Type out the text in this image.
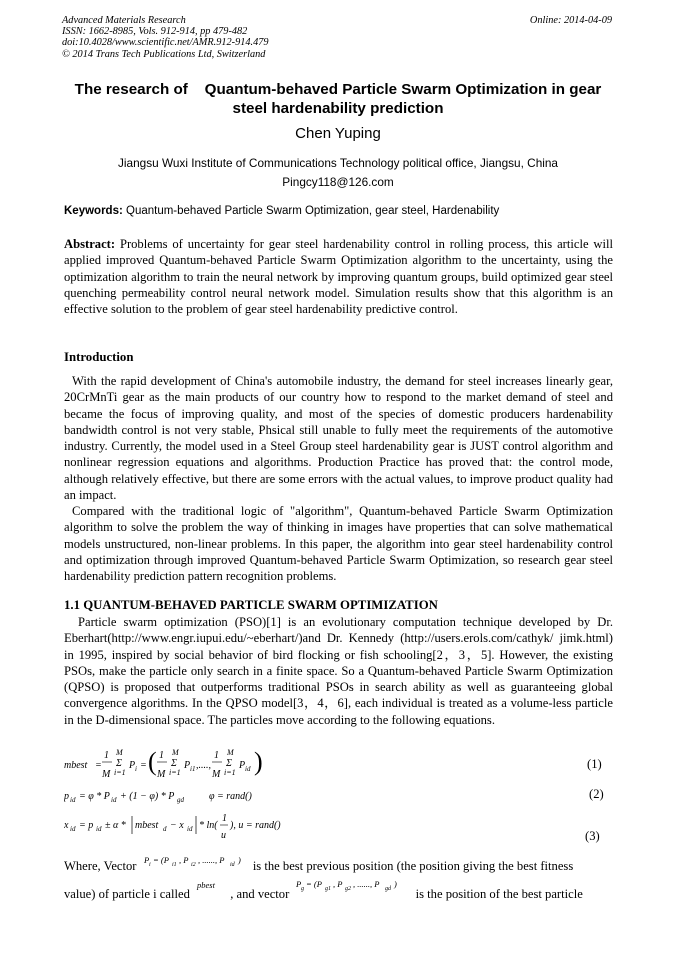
Advanced Materials Research
ISSN: 1662-8985, Vols. 912-914, pp 479-482
doi:10.4028/www.scientific.net/AMR.912-914.479
© 2014 Trans Tech Publications Ltd, Switzerland
Online: 2014-04-09
The research of    Quantum-behaved Particle Swarm Optimization in gear
steel hardenability prediction
Chen Yuping
Jiangsu Wuxi Institute of Communications Technology political office, Jiangsu, China
Pingcy118@126.com
Keywords: Quantum-behaved Particle Swarm Optimization, gear steel, Hardenability
Abstract: Problems of uncertainty for gear steel hardenability control in rolling process, this article will applied improved Quantum-behaved Particle Swarm Optimization algorithm to the uncertainty, using the optimization algorithm to train the neural network by improving quantum groups, build optimized gear steel quenching permeability control neural network model. Simulation results show that this algorithm is an effective solution to the problem of gear steel hardenability predictive control.
Introduction
With the rapid development of China's automobile industry, the demand for steel increases linearly gear, 20CrMnTi gear as the main products of our country how to respond to the market demand of steel and became the focus of improving quality, and most of the species of domestic producers hardenability bandwidth control is not very stable, Phsical still unable to fully meet the requirements of the automotive industry. Currently, the model used in a Steel Group steel hardenability gear is JUST control algorithm and nonlinear regression equations and algorithms. Production Practice has proved that: the control mode, although relatively effective, but there are some errors with the actual values, to improve product quality had an impact.
Compared with the traditional logic of "algorithm", Quantum-behaved Particle Swarm Optimization algorithm to solve the problem the way of thinking in images have properties that can solve mathematical models unstructured, non-linear problems. In this paper, the algorithm into gear steel hardenability control and optimization through improved Quantum-behaved Particle Swarm Optimization, so research gear steel hardenability prediction pattern recognition problems.
1.1 QUANTUM-BEHAVED PARTICLE SWARM OPTIMIZATION
Particle swarm optimization (PSO)[1] is an evolutionary computation technique developed by Dr. Eberhart(http://www.engr.iupui.edu/~eberhart/)and Dr. Kennedy (http://users.erols.com/cathyk/ jimk.html) in 1995, inspired by social behavior of bird flocking or fish schooling[2，3，5]. However, the existing PSOs, make the particle only search in a finite space. So a Quantum-behaved Particle Swarm Optimization (QPSO) is proposed that outperforms traditional PSOs in search ability as well as guaranteeing global convergence algorithms. In the QPSO model[3，4，6], each individual is treated as a volume-less particle in the D-dimensional space. The particles move according to the following equations.
mbest =
1
M
M
Σ
i=1
P i = ( 1
M
M
Σ
i=1
P i1 ,....,
1
M
M
Σ
i=1
P id )	(1)
p id = φ * P id + (1 − φ) * P gd	φ = rand()	(2)
x id = p id ± α * mbest d − x id * ln(
1
u
), u = rand()
(3)
Where, Vector P i = (P i1 , P i2 , ......, P id ) is the best previous position (the position giving the best fitness
value) of particle i called
pbest
, and vector
P g = (P g1 , P g2 , ......, P gd )
is the position of the best particle
